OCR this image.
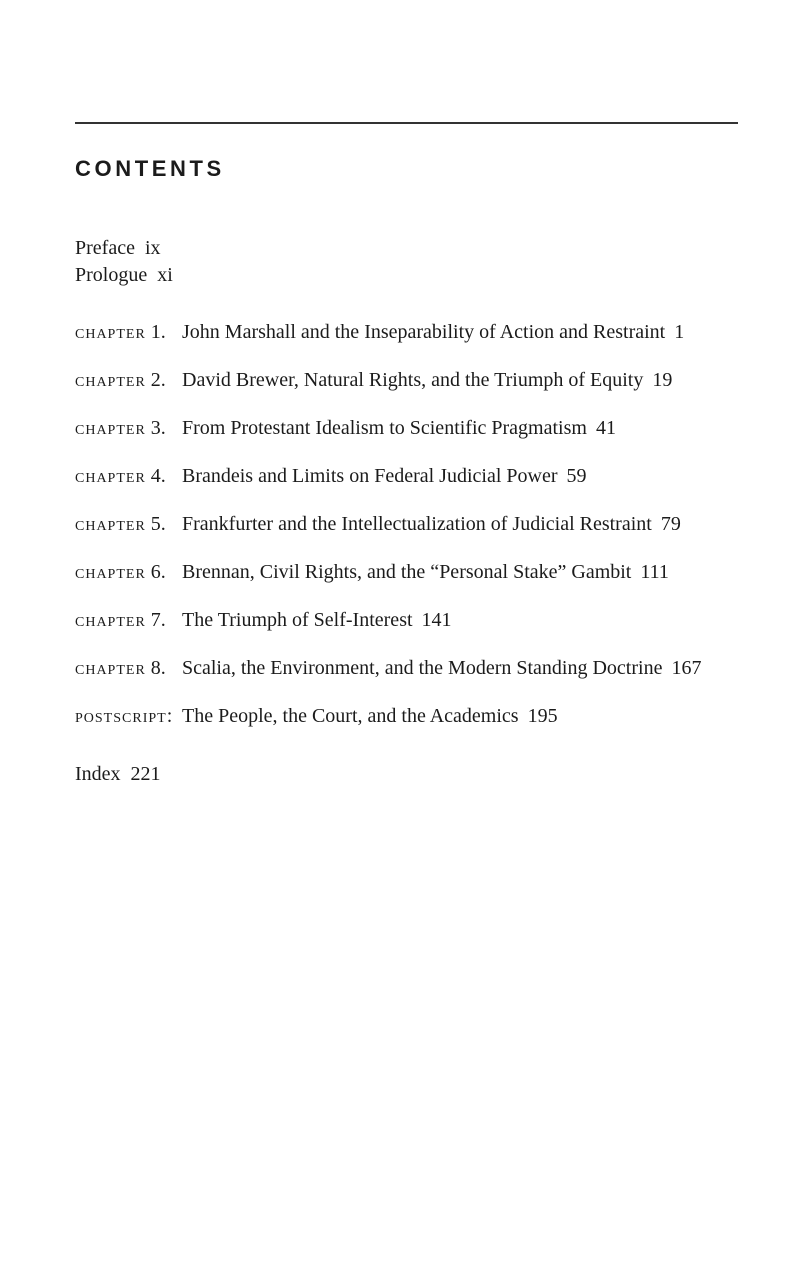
CONTENTS
Preface ix
Prologue xi
chapter 1. John Marshall and the Inseparability of Action and Restraint 1
chapter 2. David Brewer, Natural Rights, and the Triumph of Equity 19
chapter 3. From Protestant Idealism to Scientific Pragmatism 41
chapter 4. Brandeis and Limits on Federal Judicial Power 59
chapter 5. Frankfurter and the Intellectualization of Judicial Restraint 79
chapter 6. Brennan, Civil Rights, and the “Personal Stake” Gambit 111
chapter 7. The Triumph of Self-Interest 141
chapter 8. Scalia, the Environment, and the Modern Standing Doctrine 167
postscript: The People, the Court, and the Academics 195
Index 221
